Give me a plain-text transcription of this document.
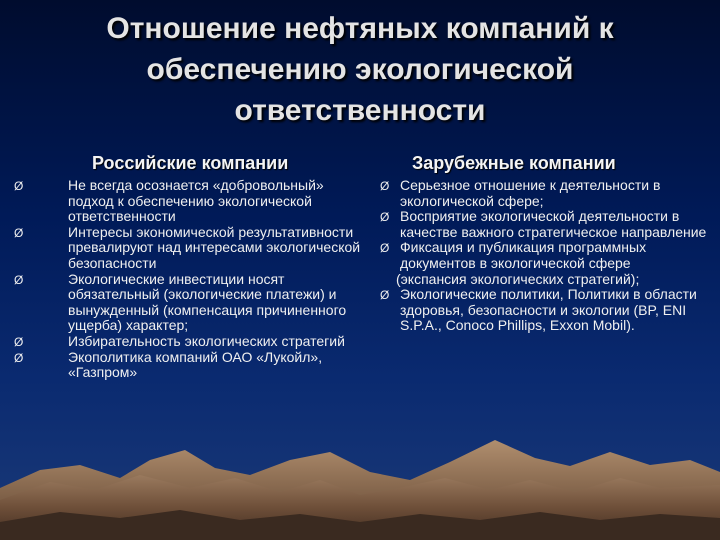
Отношение нефтяных компаний к обеспечению экологической ответственности
Российские компании
Ø	Не всегда осознается «добровольный» подход к обеспечению экологической ответственности
Ø	Интересы экономической результативности превалируют над интересами экологической безопасности
Ø	Экологические инвестиции носят обязательный (экологические платежи) и вынужденный (компенсация причиненного ущерба) характер;
Ø	Избирательность экологических стратегий
Ø	Экополитика компаний ОАО «Лукойл», «Газпром»
Зарубежные компании
Ø Серьезное отношение к деятельности в экологической сфере;
Ø Восприятие экологической деятельности в качестве важного стратегическое направление
Ø Фиксация и публикация программных документов в экологической сфере
(экспансия экологических стратегий);
Ø Экологические политики, Политики в области здоровья, безопасности и экологии (BP, ENI S.P.A., Conoco Phillips, Exxon Mobil).
